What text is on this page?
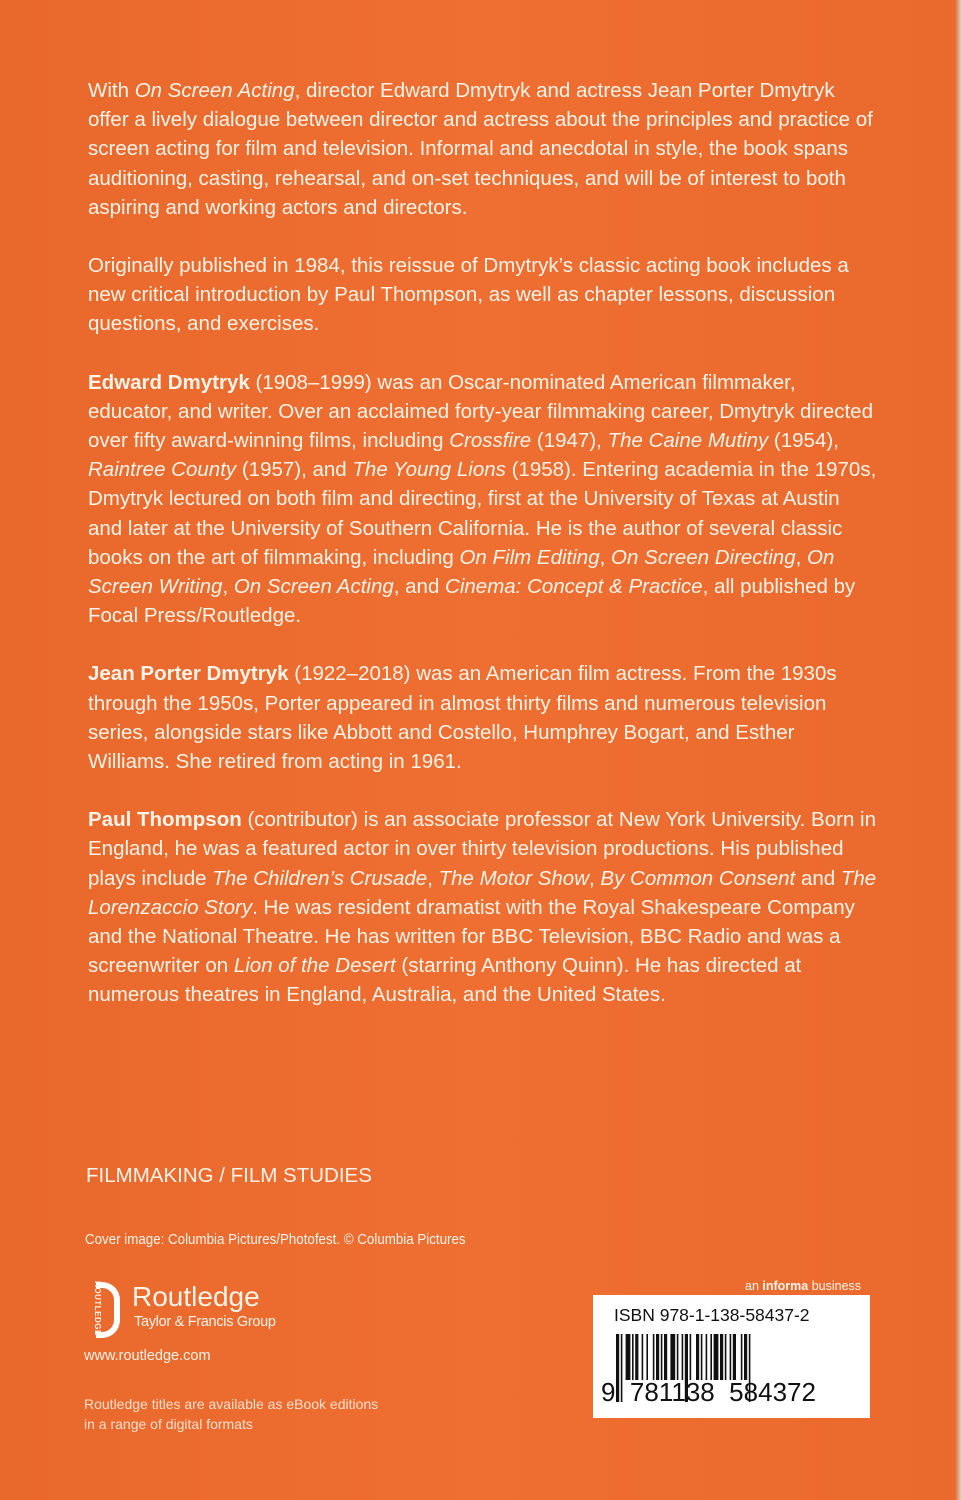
With On Screen Acting, director Edward Dmytryk and actress Jean Porter Dmytryk offer a lively dialogue between director and actress about the principles and practice of screen acting for film and television. Informal and anecdotal in style, the book spans auditioning, casting, rehearsal, and on-set techniques, and will be of interest to both aspiring and working actors and directors.

Originally published in 1984, this reissue of Dmytryk’s classic acting book includes a new critical introduction by Paul Thompson, as well as chapter lessons, discussion questions, and exercises.

Edward Dmytryk (1908–1999) was an Oscar-nominated American filmmaker, educator, and writer. Over an acclaimed forty-year filmmaking career, Dmytryk directed over fifty award-winning films, including Crossfire (1947), The Caine Mutiny (1954), Raintree County (1957), and The Young Lions (1958). Entering academia in the 1970s, Dmytryk lectured on both film and directing, first at the University of Texas at Austin and later at the University of Southern California. He is the author of several classic books on the art of filmmaking, including On Film Editing, On Screen Directing, On Screen Writing, On Screen Acting, and Cinema: Concept & Practice, all published by Focal Press/Routledge.

Jean Porter Dmytryk (1922–2018) was an American film actress. From the 1930s through the 1950s, Porter appeared in almost thirty films and numerous television series, alongside stars like Abbott and Costello, Humphrey Bogart, and Esther Williams. She retired from acting in 1961.

Paul Thompson (contributor) is an associate professor at New York University. Born in England, he was a featured actor in over thirty television productions. His published plays include The Children’s Crusade, The Motor Show, By Common Consent and The Lorenzaccio Story. He was resident dramatist with the Royal Shakespeare Company and the National Theatre. He has written for BBC Television, BBC Radio and was a screenwriter on Lion of the Desert (starring Anthony Quinn). He has directed at numerous theatres in England, Australia, and the United States.

FILMMAKING / FILM STUDIES
Cover image: Columbia Pictures/Photofest. © Columbia Pictures
ROUTLEDGE Routledge
Taylor & Francis Group
www.routledge.com
Routledge titles are available as eBook editions in a range of digital formats
an informa business
ISBN 978-1-138-58437-2
9  781138  584372
